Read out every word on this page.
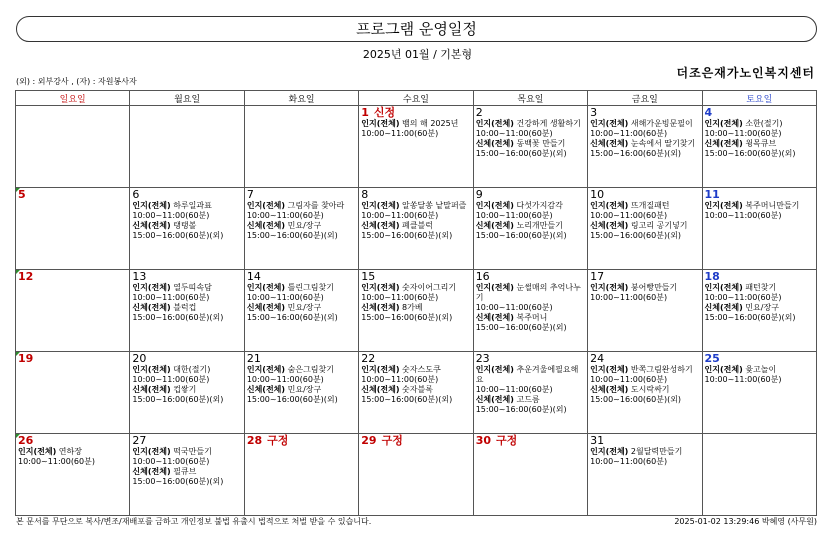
프로그램 운영일정
2025년 01월 / 기본형
더조은재가노인복지센터
(외) : 외부강사 , (자) : 자원봉사자
일요일	월요일	화요일	수요일	목요일	금요일	토요일

			1 신정
인지(전체) 뱀의 해 2025년
10:00~11:00(60분)	2
인지(전체) 건강하게 생활하기
10:00~11:00(60분)
신체(전체) 동백꽃 만들기
15:00~16:00(60분)(외)	3
인지(전체) 새해가운빙문필이
10:00~11:00(60분)
신체(전체) 눈속에서 딸기찾기
15:00~16:00(60분)(외)	4
인지(전체) 소한(절기)
10:00~11:00(60분)
신체(전체) 윙목큐브
15:00~16:00(60분)(외)

5	6
인지(전체) 하루일과표
10:00~11:00(60분)
신체(전체) 탱탱볼
15:00~16:00(60분)(외)	7
인지(전체) 그림자를 찾아라
10:00~11:00(60분)
신체(전체) 민요/장구
15:00~16:00(60분)(외)	8
인지(전체) 알쏭달쏭 낱말퍼즐
10:00~11:00(60분)
신체(전체) 폐클블럭
15:00~16:00(60분)(외)	9
인지(전체) 다섯가지감각
10:00~11:00(60분)
신체(전체) 노리개만들기
15:00~16:00(60분)(외)	10
인지(전체) 뜨개질패턴
10:00~11:00(60분)
신체(전체) 링고리 공기넣기
15:00~16:00(60분)(외)	11
인지(전체) 복주머니만들기
10:00~11:00(60분)

12	13
인지(전체) 열두띠속담
10:00~11:00(60분)
신체(전체) 블럭컵
15:00~16:00(60분)(외)	14
인지(전체) 틀린그림찾기
10:00~11:00(60분)
신체(전체) 민요/장구
15:00~16:00(60분)(외)	15
인지(전체) 숫자이어그리기
10:00~11:00(60분)
신체(전체) 8가베
15:00~16:00(60분)(외)	16
인지(전체) 눈썰매의 추억나누기
10:00~11:00(60분)
신체(전체) 복주머니
15:00~16:00(60분)(외)	17
인지(전체) 붕어빵만들기
10:00~11:00(60분)	18
인지(전체) 패턴찾기
10:00~11:00(60분)
신체(전체) 민요/장구
15:00~16:00(60분)(외)

19	20
인지(전체) 대한(절기)
10:00~11:00(60분)
신체(전체) 컵쌓기
15:00~16:00(60분)(외)	21
인지(전체) 숨은그림찾기
10:00~11:00(60분)
신체(전체) 민요/장구
15:00~16:00(60분)(외)	22
인지(전체) 숫자스도쿠
10:00~11:00(60분)
신체(전체) 숫자블록
15:00~16:00(60분)(외)	23
인지(전체) 추운겨울에필요해요
10:00~11:00(60분)
신체(전체) 고드름
15:00~16:00(60분)(외)	24
인지(전체) 반쪽그림완성하기
10:00~11:00(60분)
신체(전체) 도시락싸기
15:00~16:00(60분)(외)	25
인지(전체) 윷고놀이
10:00~11:00(60분)

26
인지(전체) 연하장
10:00~11:00(60분)	27
인지(전체) 떡국만들기
10:00~11:00(60분)
신체(전체) 필큐브
15:00~16:00(60분)(외)	28 구정	29 구정	30 구정	31
인지(전체) 2월달력만들기
10:00~11:00(60분)	

본 문서를 무단으로 복사/변조/재배포를 금하고 개인정보 불법 유출시 법적으로 처벌 받을 수 있습니다.	2025-01-02 13:29:46 박혜영 (사무원)
